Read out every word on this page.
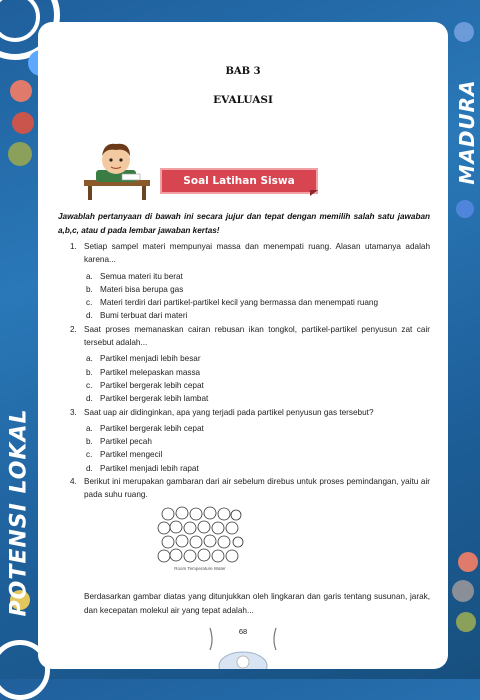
MADURA
POTENSI LOKAL
BAB 3
EVALUASI
Soal Latihan Siswa
Jawablah pertanyaan di bawah ini secara jujur dan tepat dengan memilih salah satu jawaban a,b,c, atau d pada lembar jawaban kertas!
1. Setiap sampel materi mempunyai massa dan menempati ruang. Alasan utamanya adalah karena...
a. Semua materi itu berat
b. Materi bisa berupa gas
c. Materi terdiri dari partikel-partikel kecil yang bermassa dan menempati ruang
d. Bumi terbuat dari materi
2. Saat proses memanaskan cairan rebusan ikan tongkol, partikel-partikel penyusun zat cair tersebut adalah...
a. Partikel menjadi lebih besar
b. Partikel melepaskan massa
c. Partikel bergerak lebih cepat
d. Partikel bergerak lebih lambat
3. Saat uap air didinginkan, apa yang terjadi pada partikel penyusun gas tersebut?
a. Partikel bergerak lebih cepat
b. Partikel pecah
c. Partikel mengecil
d. Partikel menjadi lebih rapat
4. Berikut ini merupakan gambaran dari air sebelum direbus untuk proses pemindangan, yaitu air pada suhu ruang.
Room Temperature Water
Berdasarkan gambar diatas yang ditunjukkan oleh lingkaran dan garis tentang susunan, jarak, dan kecepatan molekul air yang tepat adalah...
68
